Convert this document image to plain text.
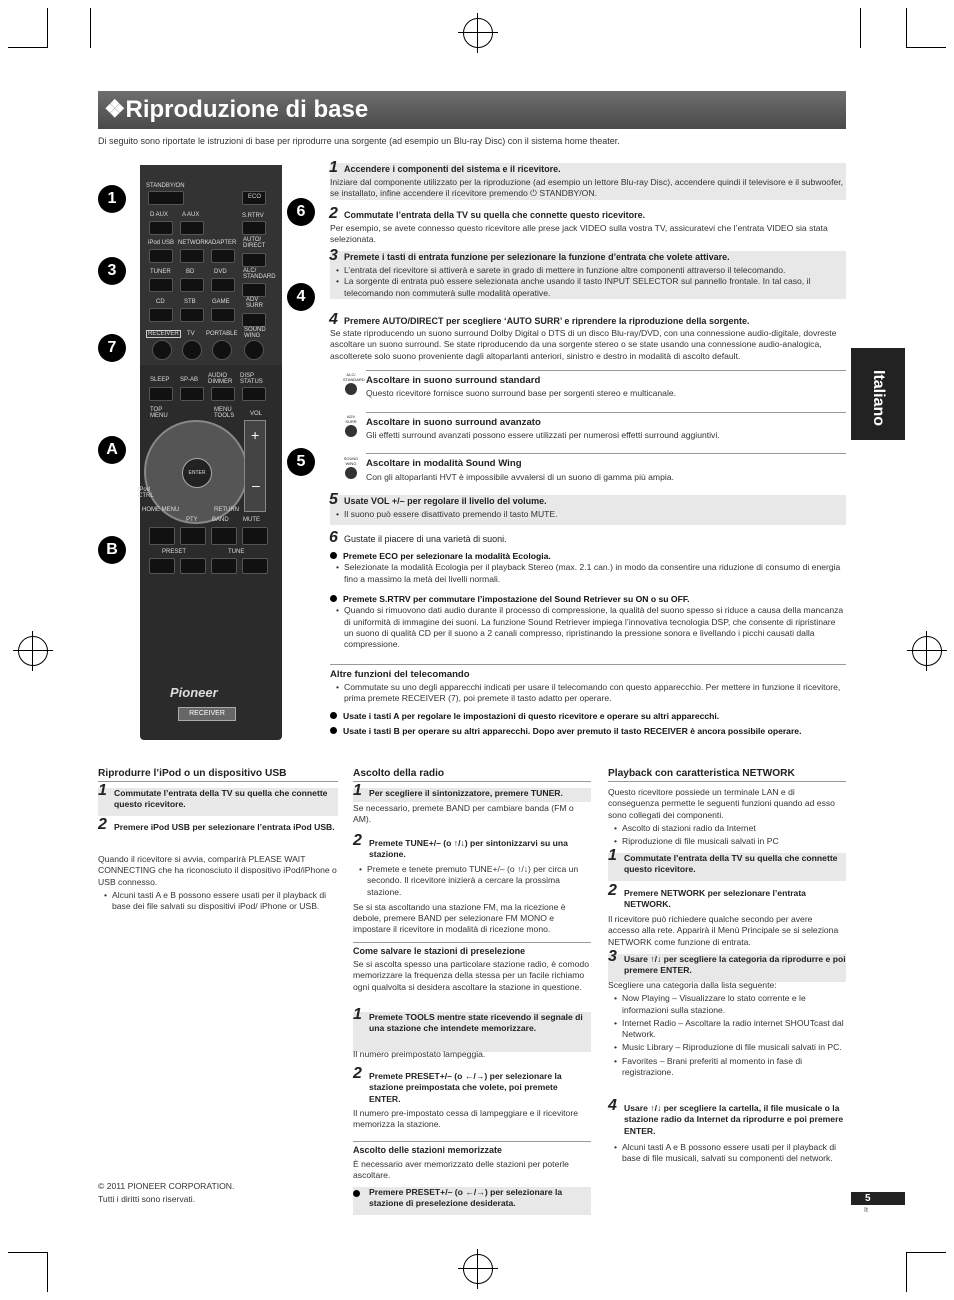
❖Riproduzione di base
Di seguito sono riportate le istruzioni di base per riprodurre una sorgente (ad esempio un Blu-ray Disc) con il sistema home theater.
Italiano
STANDBY/ON
ECO
D AUX A AUX	S.RTRV
iPod USB NETWORK ADAPTER AUTO/ DIRECT
TUNER	BD	DVD	ALC/ STANDARD
CD	STB	GAME	ADV SURR
RECEIVER	TV PORTABLE
SOUND WING
SLEEP SP-AB
AUDIO DIMMER
DISP STATUS
TOP MENU
MENU TOOLS	VOL
ENTER
+
–
iPod CTRL
HOME MENU	RETURN
PTY BAND MUTE
PRESET	TUNE
Pioneer
RECEIVER
1
6
3
4
7
A
5
B
1 Accendere i componenti del sistema e il ricevitore.

Iniziare dal componente utilizzato per la riproduzione (ad esempio un lettore Blu-ray Disc), accendere quindi il televisore e il subwoofer, se installato, infine accendere il ricevitore premendo ⏻ STANDBY/ON.

2 Commutate l’entrata della TV su quella che connette questo ricevitore.

Per esempio, se avete connesso questo ricevitore alle prese jack VIDEO sulla vostra TV, assicuratevi che l’entrata VIDEO sia stata selezionata.

3 Premete i tasti di entrata funzione per selezionare la funzione d’entrata che volete attivare.

• L’entrata del ricevitore si attiverà e sarete in grado di mettere in funzione altre componenti attraverso il telecomando.

• La sorgente di entrata può essere selezionata anche usando il tasto INPUT SELECTOR sul pannello frontale. In tal caso, il telecomando non commuterà sulle modalità operative.

4 Premere AUTO/DIRECT per scegliere ‘AUTO SURR’ e riprendere la riproduzione della sorgente.

Se state riproducendo un suono surround Dolby Digital o DTS di un disco Blu-ray/DVD, con una connessione audio-digitale, dovreste ascoltare un suono surround. Se state riproducendo da una sorgente stereo o se state usando una connessione audio-analogica, ascolterete solo suono proveniente dagli altoparlanti anteriori, sinistro e destro in modalità di ascolto default.

ALC/ STANDARD Ascoltare in suono surround standard
Questo ricevitore fornisce suono surround base per sorgenti stereo e multicanale.
ADV SURR Ascoltare in suono surround avanzato
Gli effetti surround avanzati possono essere utilizzati per numerosi effetti surround aggiuntivi.
SOUND WING Ascoltare in modalità Sound Wing
Con gli altoparlanti HVT è impossibile avvalersi di un suono di gamma più ampia.
5 Usate VOL +/– per regolare il livello del volume.

• Il suono può essere disattivato premendo il tasto MUTE.

6 Gustate il piacere di una varietà di suoni.

Premete ECO per selezionare la modalità Ecologia.

• Selezionate la modalità Ecologia per il playback Stereo (max. 2.1 can.) in modo da consentire una riduzione di consumo di energia fino a massimo la metà dei livelli normali.

Premete S.RTRV per commutare l’impostazione del Sound Retriever su ON o su OFF.

• Quando si rimuovono dati audio durante il processo di compressione, la qualità del suono spesso si riduce a causa della mancanza di uniformità di immagine dei suoni. La funzione Sound Retriever impiega l’innovativa tecnologia DSP, che consente di ripristinare un suono di qualità CD per il suono a 2 canali compresso, ripristinando la pressione sonora e livellando i picchi causati dalla compressione.

Altre funzioni del telecomando

• Commutate su uno degli apparecchi indicati per usare il telecomando con questo apparecchio. Per mettere in funzione il ricevitore, prima premete RECEIVER (7), poi premete il tasto adatto per operare.

Usate i tasti A per regolare le impostazioni di questo ricevitore e operare su altri apparecchi.

Usate i tasti B per operare su altri apparecchi. Dopo aver premuto il tasto RECEIVER è ancora possibile operare.

Riprodurre l’iPod o un dispositivo USB
1 Commutate l’entrata della TV su quella che connette questo ricevitore.
2 Premere iPod USB per selezionare l’entrata iPod USB.

Quando il ricevitore si avvia, comparirà PLEASE WAIT CONNECTING che ha riconosciuto il dispositivo iPod/iPhone o USB connesso.

• Alcuni tasti A e B possono essere usati per il playback di base dei file salvati su dispositivi iPod/ iPhone or USB.

Ascolto della radio
1 Per scegliere il sintonizzatore, premere TUNER.
Se necessario, premete BAND per cambiare banda (FM o AM).
2 Premete TUNE+/– (o ↑/↓) per sintonizzarvi su una stazione.

• Premete e tenete premuto TUNE+/– (o ↑/↓) per circa un secondo. Il ricevitore inizierà a cercare la prossima stazione.

Se si sta ascoltando una stazione FM, ma la ricezione è debole, premere BAND per selezionare FM MONO e impostare il ricevitore in modalità di ricezione mono.

Come salvare le stazioni di preselezione
Se si ascolta spesso una particolare stazione radio, è comodo memorizzare la frequenza della stessa per un facile richiamo ogni qualvolta si desidera ascoltare la stazione in questione.
1 Premete TOOLS mentre state ricevendo il segnale di una stazione che intendete memorizzare.
Il numero preimpostato lampeggia.
2 Premete PRESET+/– (o ←/→) per selezionare la stazione preimpostata che volete, poi premete ENTER.
Il numero pre-impostato cessa di lampeggiare e il ricevitore memorizza la stazione.
Ascolto delle stazioni memorizzate
È necessario aver memorizzato delle stazioni per poterle ascoltare.
Premere PRESET+/– (o ←/→) per selezionare la stazione di preselezione desiderata.
Playback con caratteristica NETWORK

Questo ricevitore possiede un terminale LAN e di conseguenza permette le seguenti funzioni quando ad esso sono collegati dei componenti.

• Ascolto di stazioni radio da Internet

• Riproduzione di file musicali salvati in PC

1 Commutate l’entrata della TV su quella che connette questo ricevitore.
2 Premere NETWORK per selezionare l’entrata NETWORK.
Il ricevitore può richiedere qualche secondo per avere accesso alla rete. Apparirà il Menù Principale se si seleziona NETWORK come funzione di entrata.
3 Usare ↑/↓ per scegliere la categoria da riprodurre e poi premere ENTER.

Scegliere una categoria dalla lista seguente:

• Now Playing – Visualizzare lo stato corrente e le informazioni sulla stazione.

• Internet Radio – Ascoltare la radio internet SHOUTcast dal Network.

• Music Library – Riproduzione di file musicali salvati in PC.

• Favorites – Brani preferiti al momento in fase di registrazione.

4 Usare ↑/↓ per scegliere la cartella, il file musicale o la stazione radio da Internet da riprodurre e poi premere ENTER.

• Alcuni tasti A e B possono essere usati per il playback di base di file musicali, salvati su componenti del network.

© 2011 PIONEER CORPORATION.
Tutti i diritti sono riservati.	5
It
